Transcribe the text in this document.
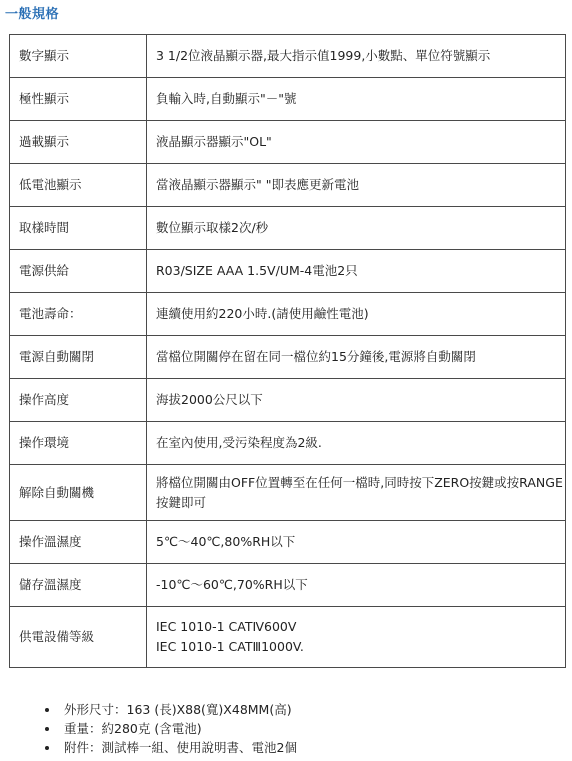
一般規格
數字顯示	3 1/2位液晶顯示器,最大指示值1999,小數點、單位符號顯示
極性顯示	負輸入時,自動顯示"－"號
過載顯示	液晶顯示器顯示"OL"
低電池顯示	當液晶顯示器顯示" "即表應更新電池
取樣時間	數位顯示取樣2次/秒
電源供給	R03/SIZE AAA 1.5V/UM-4電池2只
電池壽命：	連續使用約220小時.(請使用鹼性電池)
電源自動關閉	當檔位開關停在留在同一檔位約15分鐘後,電源將自動關閉
操作高度	海拔2000公尺以下
操作環境	在室內使用,受污染程度為2級.
解除自動關機	將檔位開關由OFF位置轉至在任何一檔時,同時按下ZERO按鍵或按RANGE按鍵即可
操作溫濕度	5℃～40℃,80%RH以下
儲存溫濕度	-10℃～60℃,70%RH以下
供電設備等級	IEC 1010-1 CATⅣ600V
IEC 1010-1 CATⅢ1000V.
• 外形尺寸：163 (長)X88(寬)X48MM(高)
• 重量：約280克 (含電池)
• 附件：測試棒一組、使用說明書、電池2個
